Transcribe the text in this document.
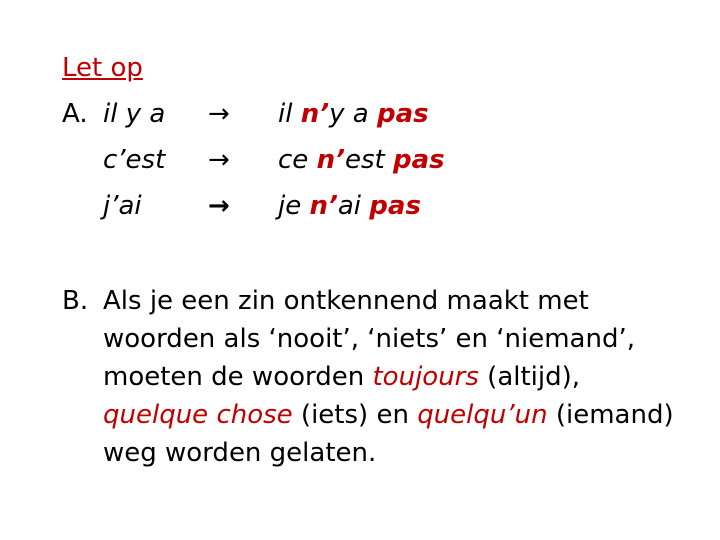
Let op
A. il y a → il n’y a pas
c’est → ce n’est pas
j’ai	→ je n’ai pas
B. Als je een zin ontkennend maakt met
woorden als ‘nooit’, ‘niets’ en ‘niemand’,
moeten de woorden toujours (altijd),
quelque chose (iets) en quelqu’un (iemand)
weg worden gelaten.
